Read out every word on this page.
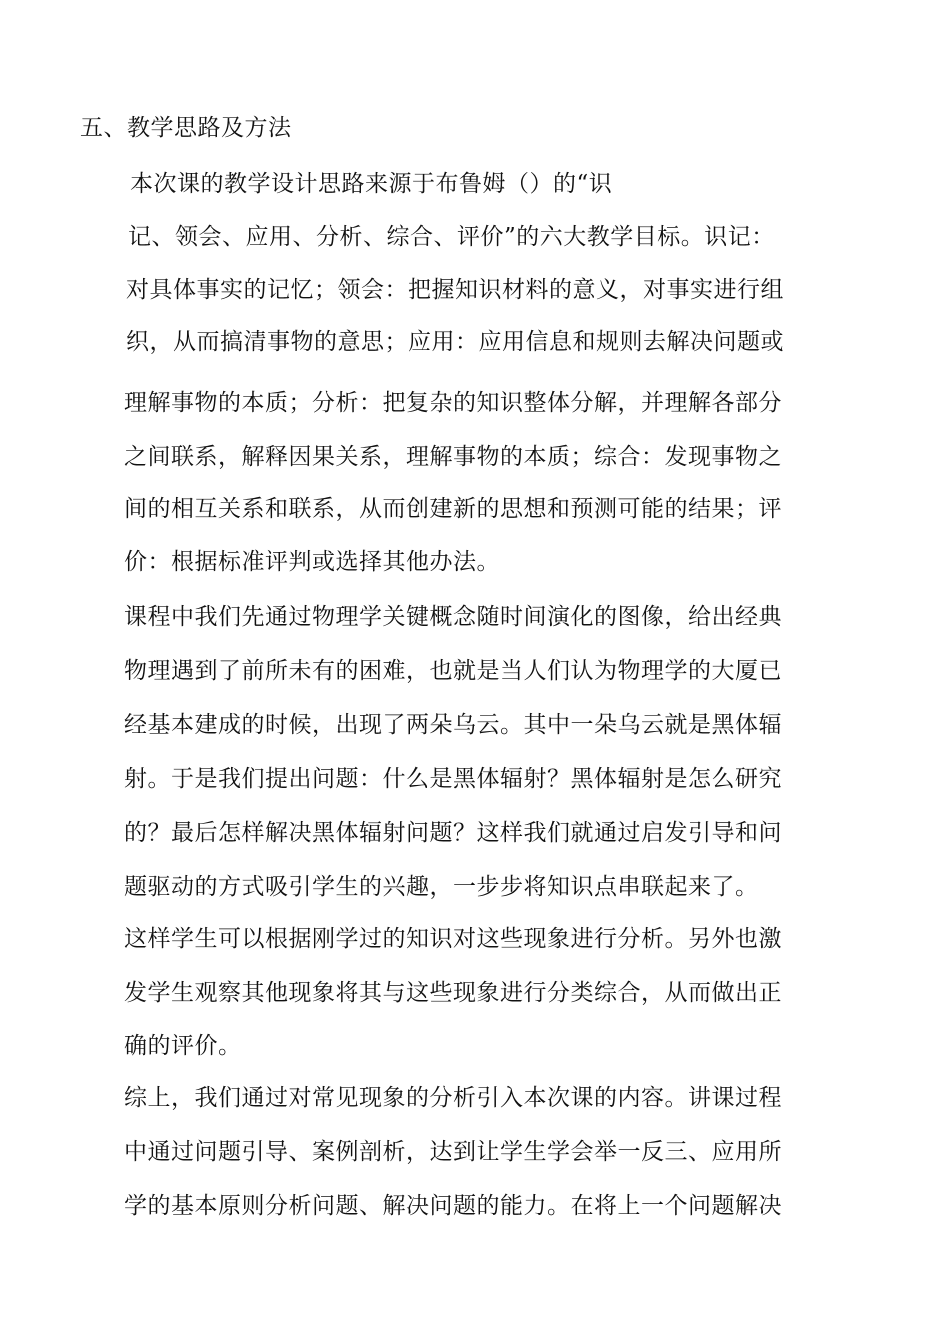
五、教学思路及方法
本次课的教学设计思路来源于布鲁姆（）的“识
记、领会、应用、分析、综合、评价”的六大教学目标。识记：
对具体事实的记忆；领会：把握知识材料的意义，对事实进行组
织，从而搞清事物的意思；应用：应用信息和规则去解决问题或
理解事物的本质；分析：把复杂的知识整体分解，并理解各部分
之间联系，解释因果关系，理解事物的本质；综合：发现事物之
间的相互关系和联系，从而创建新的思想和预测可能的结果；评
价：根据标准评判或选择其他办法。
课程中我们先通过物理学关键概念随时间演化的图像，给出经典
物理遇到了前所未有的困难，也就是当人们认为物理学的大厦已
经基本建成的时候，出现了两朵乌云。其中一朵乌云就是黑体辐
射。于是我们提出问题：什么是黑体辐射？黑体辐射是怎么研究
的？最后怎样解决黑体辐射问题？这样我们就通过启发引导和问
题驱动的方式吸引学生的兴趣，一步步将知识点串联起来了。
这样学生可以根据刚学过的知识对这些现象进行分析。另外也激
发学生观察其他现象将其与这些现象进行分类综合，从而做出正
确的评价。
综上，我们通过对常见现象的分析引入本次课的内容。讲课过程
中通过问题引导、案例剖析，达到让学生学会举一反三、应用所
学的基本原则分析问题、解决问题的能力。在将上一个问题解决
